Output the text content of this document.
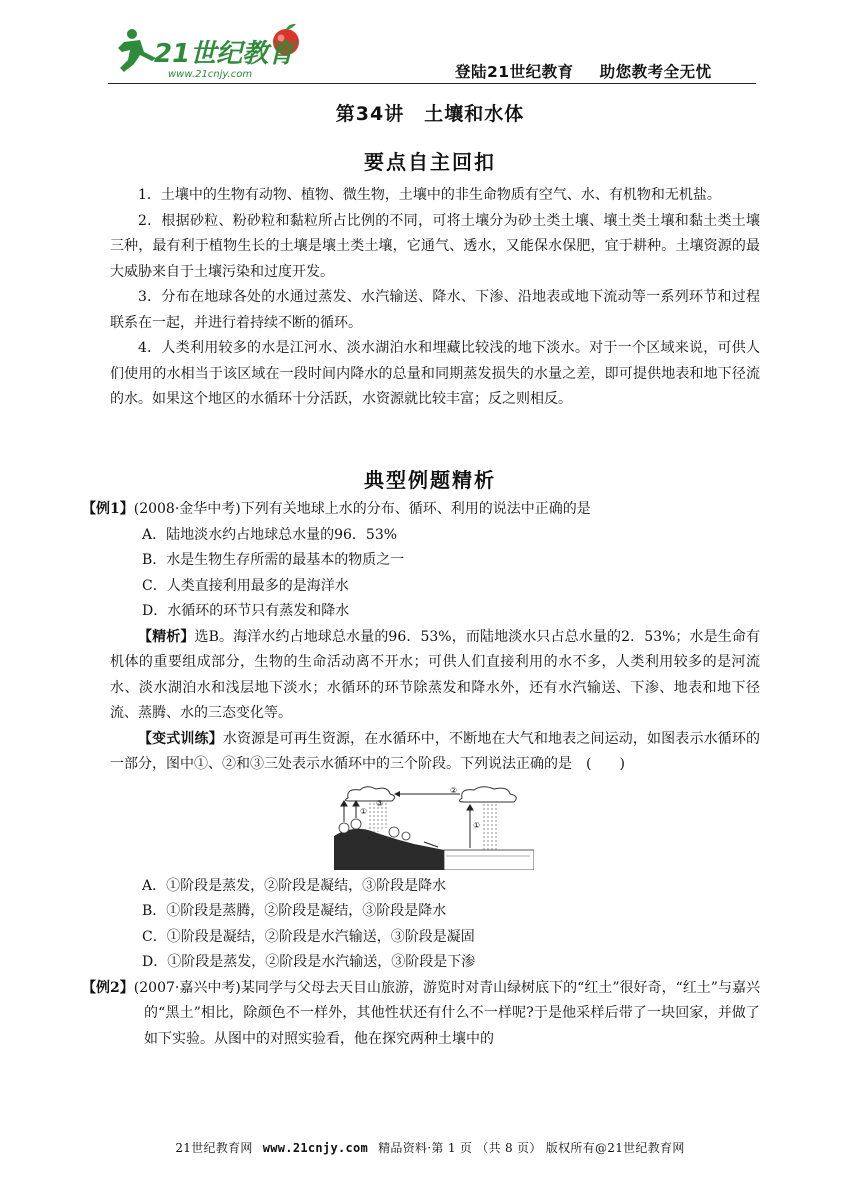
21世纪教育
www.21cnjy.com	登陆21世纪教育 助您教考全无忧
第34讲　土壤和水体
要点自主回扣

1．土壤中的生物有动物、植物、微生物，土壤中的非生命物质有空气、水、有机物和无机盐。

2．根据砂粒、粉砂粒和黏粒所占比例的不同，可将土壤分为砂土类土壤、壤土类土壤和黏土类土壤三种，最有利于植物生长的土壤是壤土类土壤，它通气、透水，又能保水保肥，宜于耕种。土壤资源的最大威胁来自于土壤污染和过度开发。

3．分布在地球各处的水通过蒸发、水汽输送、降水、下渗、沿地表或地下流动等一系列环节和过程联系在一起，并进行着持续不断的循环。

4．人类利用较多的水是江河水、淡水湖泊水和埋藏比较浅的地下淡水。对于一个区域来说，可供人们使用的水相当于该区域在一段时间内降水的总量和同期蒸发损失的水量之差，即可提供地表和地下径流的水。如果这个地区的水循环十分活跃，水资源就比较丰富；反之则相反。

典型例题精析

【例1】(2008·金华中考)下列有关地球上水的分布、循环、利用的说法中正确的是

A．陆地淡水约占地球总水量的96．53%

B．水是生物生存所需的最基本的物质之一

C．人类直接利用最多的是海洋水

D．水循环的环节只有蒸发和降水

【精析】选B。海洋水约占地球总水量的96．53%，而陆地淡水只占总水量的2．53%；水是生命有机体的重要组成部分，生物的生命活动离不开水；可供人们直接利用的水不多，人类利用较多的是河流水、淡水湖泊水和浅层地下淡水；水循环的环节除蒸发和降水外，还有水汽输送、下渗、地表和地下径流、蒸腾、水的三态变化等。

【变式训练】水资源是可再生资源，在水循环中，不断地在大气和地表之间运动，如图表示水循环的一部分，图中①、②和③三处表示水循环中的三个阶段。下列说法正确的是　(　　)

①
②
③
①

A．①阶段是蒸发，②阶段是凝结，③阶段是降水

B．①阶段是蒸腾，②阶段是凝结，③阶段是降水

C．①阶段是凝结，②阶段是水汽输送，③阶段是凝固

D．①阶段是蒸发，②阶段是水汽输送，③阶段是下渗

【例2】(2007·嘉兴中考)某同学与父母去天目山旅游，游览时对青山绿树底下的“红土”很好奇，“红土”与嘉兴的“黑土”相比，除颜色不一样外，其他性状还有什么不一样呢?于是他采样后带了一块回家，并做了如下实验。从图中的对照实验看，他在探究两种土壤中的

21世纪教育网 www.21cnjy.com 精品资料·第 1 页 （共 8 页） 版权所有@21世纪教育网
